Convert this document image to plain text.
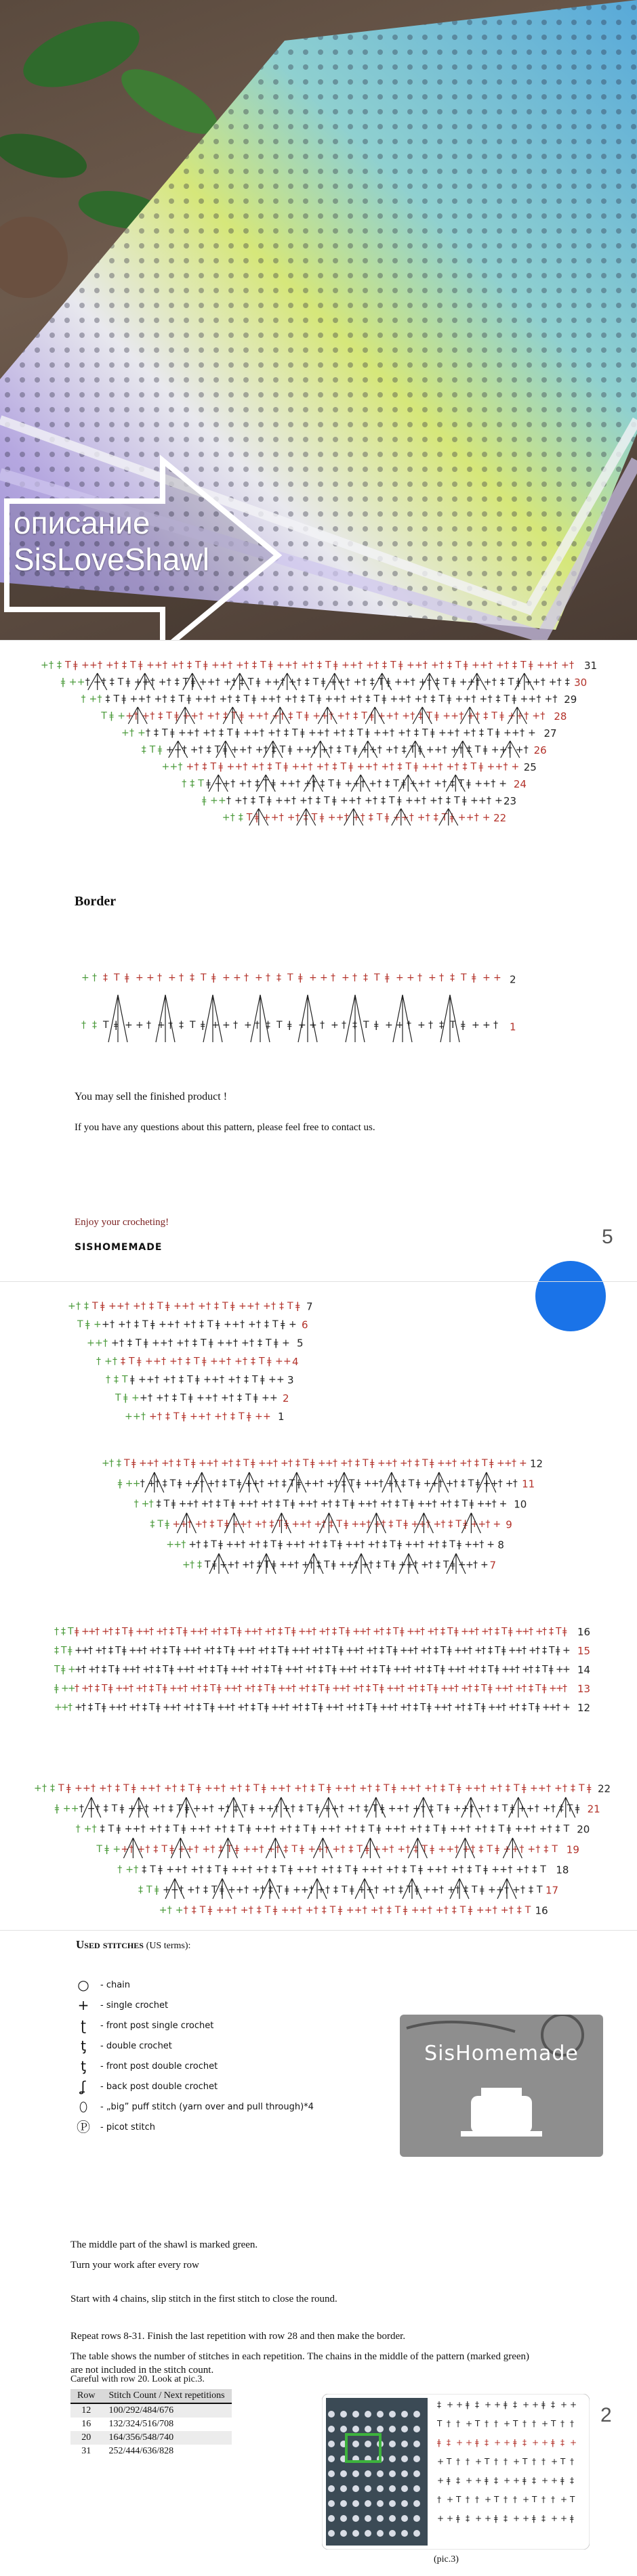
описание
SisLoveShawl
+ † ‡ T ǂ + + † + † ‡ T ǂ + + † + † ‡ T ǂ + + † + † ‡ T ǂ + + † + † ‡ T ǂ + + † + † ‡ T ǂ + + † + † ‡ T ǂ + + † + † ‡ T ǂ + + † + † 31
ǂ + + † + † ‡ T ǂ + + † + † ‡ T ǂ + + † + † ‡ T ǂ + + † + † ‡ T ǂ + + † + † ‡ T ǂ + + † + † ‡ T ǂ + + † + † ‡ T ǂ + + † + † ‡ 30
† + † ‡ T ǂ + + † + † ‡ T ǂ + + † + † ‡ T ǂ + + † + † ‡ T ǂ + + † + † ‡ T ǂ + + † + † ‡ T ǂ + + † + † ‡ T ǂ + + † + † 29
T ǂ + + † + † ‡ T ǂ + + † + † ‡ T ǂ + + † + † ‡ T ǂ + + † + † ‡ T ǂ + + † + † ‡ T ǂ + + † + † ‡ T ǂ + + † + † 28
+ † + † ‡ T ǂ + + † + † ‡ T ǂ + + † + † ‡ T ǂ + + † + † ‡ T ǂ + + † + † ‡ T ǂ + + † + † ‡ T ǂ + + † + 27
‡ T ǂ + + † + † ‡ T ǂ + + † + † ‡ T ǂ + + † + † ‡ T ǂ + + † + † ‡ T ǂ + + † + † ‡ T ǂ + + † + † 26
+ + † + † ‡ T ǂ + + † + † ‡ T ǂ + + † + † ‡ T ǂ + + † + † ‡ T ǂ + + † + † ‡ T ǂ + + † + 25
† ‡ T ǂ + + † + † ‡ T ǂ + + † + † ‡ T ǂ + + † + † ‡ T ǂ + + † + † ‡ T ǂ + + † + 24
ǂ + + † + † ‡ T ǂ + + † + † ‡ T ǂ + + † + † ‡ T ǂ + + † + † ‡ T ǂ + + † + 23
+ † ‡ T ǂ + + † + † ‡ T ǂ + + † + † ‡ T ǂ + + † + † ‡ T ǂ + + † + 22
Border
+ † ‡ T ǂ + + † + † ‡ T ǂ + + † + † ‡ T ǂ + + † + † ‡ T ǂ + + † + † ‡ T ǂ + + 2
† ‡ T ǂ + + † + † ‡ T ǂ + + † + † ‡ T ǂ + + † + † ‡ T ǂ + + † + † ‡ T ǂ + + † 1
You may sell the finished product !
If you have any questions about this pattern, please feel free to contact us.
Enjoy your crocheting!
SISHOMEMADE	5
+ † ‡ T ǂ + + † + † ‡ T ǂ + + † + † ‡ T ǂ + + † + † ‡ T ǂ 7
T ǂ + + † + † ‡ T ǂ + + † + † ‡ T ǂ + + † + † ‡ T ǂ + 6
+ + † + † ‡ T ǂ + + † + † ‡ T ǂ + + † + † ‡ T ǂ + 5
† + † ‡ T ǂ + + † + † ‡ T ǂ + + † + † ‡ T ǂ + + 4
† ‡ T ǂ + + † + † ‡ T ǂ + + † + † ‡ T ǂ + + 3
T ǂ + + † + † ‡ T ǂ + + † + † ‡ T ǂ + + 2
+ + † + † ‡ T ǂ + + † + † ‡ T ǂ + + 1
+ † ‡ T ǂ + + † + † ‡ T ǂ + + † + † ‡ T ǂ + + † + † ‡ T ǂ + + † + † ‡ T ǂ + + † + † ‡ T ǂ + + † + † ‡ T ǂ + + † + 12
ǂ + + † + † ‡ T ǂ + + † + † ‡ T ǂ + + † + † ‡ T ǂ + + † + † ‡ T ǂ + + † + † ‡ T ǂ + + † + † ‡ T ǂ + + † + † 11
† + † ‡ T ǂ + + † + † ‡ T ǂ + + † + † ‡ T ǂ + + † + † ‡ T ǂ + + † + † ‡ T ǂ + + † + † ‡ T ǂ + + † + 10
‡ T ǂ + + † + † ‡ T ǂ + + † + † ‡ T ǂ + + † + † ‡ T ǂ + + † + † ‡ T ǂ + + † + † ‡ T ǂ + + † + 9
+ + † + † ‡ T ǂ + + † + † ‡ T ǂ + + † + † ‡ T ǂ + + † + † ‡ T ǂ + + † + † ‡ T ǂ + + † + 8
+ † ‡ T ǂ + + † + † ‡ T ǂ + + † + † ‡ T ǂ + + † + † ‡ T ǂ + + † + † ‡ T ǂ + + † + 7
† ‡ T ǂ +
+
† +
† ‡ T ǂ +
+
† +
† ‡ T ǂ +
+
† +
† ‡ T ǂ +
+
† +
† ‡ T ǂ +
+
† +
† ‡ T ǂ +
+
† +
† ‡ T ǂ +
+
† +
† ‡ T ǂ +
+
† +
† ‡ T ǂ +
+
† +
† ‡ T ǂ 16
‡ T ǂ +
+
† +
† ‡ T ǂ +
+
† +
† ‡ T ǂ +
+
† +
† ‡ T ǂ +
+
† +
† ‡ T ǂ +
+
† +
† ‡ T ǂ +
+
† +
† ‡ T ǂ +
+
† +
† ‡ T ǂ +
+
† +
† ‡ T ǂ +
+
† +
† ‡ T ǂ + 15
T ǂ +
+
† +
† ‡ T ǂ +
+
† +
† ‡ T ǂ +
+
† +
† ‡ T ǂ +
+
† +
† ‡ T ǂ +
+
† +
† ‡ T ǂ +
+
† +
† ‡ T ǂ +
+
† +
† ‡ T ǂ +
+
† +
† ‡ T ǂ +
+
† +
† ‡ T ǂ +
+ 14
ǂ +
+
† +
† ‡ T ǂ +
+
† +
† ‡ T ǂ +
+
† +
† ‡ T ǂ +
+
† +
† ‡ T ǂ +
+
† +
† ‡ T ǂ +
+
† +
† ‡ T ǂ +
+
† +
† ‡ T ǂ +
+
† +
† ‡ T ǂ +
+
† +
† ‡ T ǂ +
+
† 13
+
+
† +
† ‡ T ǂ +
+
† +
† ‡ T ǂ +
+
† +
† ‡ T ǂ +
+
† +
† ‡ T ǂ +
+
† +
† ‡ T ǂ +
+
† +
† ‡ T ǂ +
+
† +
† ‡ T ǂ +
+
† +
† ‡ T ǂ +
+
† +
† ‡ T ǂ +
+
† + 12
+ † ‡ T ǂ + + † + † ‡ T ǂ + + † + † ‡ T ǂ + + † + † ‡ T ǂ + + † + † ‡ T ǂ + + † + † ‡ T ǂ + + † + † ‡ T ǂ + + † + † ‡ T ǂ + + † + † ‡ T ǂ 22
ǂ + + † + † ‡ T ǂ + + † + † ‡ T ǂ + + † + † ‡ T ǂ + + † + † ‡ T ǂ + + † + † ‡ T ǂ + + † + † ‡ T ǂ + + † + † ‡ T ǂ + + † + † ‡ T ǂ 21
† + † ‡ T ǂ + + † + † ‡ T ǂ + + † + † ‡ T ǂ + + † + † ‡ T ǂ + + † + † ‡ T ǂ + + † + † ‡ T ǂ + + † + † ‡ T ǂ + + † + † ‡ T 20
T ǂ + + † + † ‡ T ǂ + + † + † ‡ T ǂ + + † + † ‡ T ǂ + + † + † ‡ T ǂ + + † + † ‡ T ǂ + + † + † ‡ T ǂ + + † + † ‡ T 19
† + † ‡ T ǂ + + † + † ‡ T ǂ + + † + † ‡ T ǂ + + † + † ‡ T ǂ + + † + † ‡ T ǂ + + † + † ‡ T ǂ + + † + † ‡ T 18
‡ T ǂ + + † + † ‡ T ǂ + + † + † ‡ T ǂ + + † + † ‡ T ǂ + + † + † ‡ T ǂ + + † + † ‡ T ǂ + + † + † ‡ T 17
+ † + † ‡ T ǂ + + † + † ‡ T ǂ + + † + † ‡ T ǂ + + † + † ‡ T ǂ + + † + † ‡ T ǂ + + † + † ‡ T 16
Used stitches (US terms):
○ - chain
+ - single crochet
ʈ	- front post single crochet
ƫ	- double crochet
ƫ	- front post double crochet
ʆ	- back post double crochet
⬯	- „big” puff stitch (yarn over and pull through)*4
Ⓟ - picot stitch
SisHomemade
The middle part of the shawl is marked green.
Turn your work after every row
Start with 4 chains, slip stitch in the first stitch to close the round.
Repeat rows 8-31. Finish the last repetition with row 28 and then make the border.
The table shows the number of stitches in each repetition. The chains in the middle of the pattern (marked green) are not included in the stitch count.
Careful with row 20. Look at pic.3.
Row	Stitch Count / Next repetitions
12	100/292/484/676
16	132/324/516/708
20	164/356/548/740
31	252/444/636/828
2
‡ + + ǂ ‡ + + ǂ ‡ + + ǂ ‡ + +
T † † + T † † + T † † + T † †
ǂ ‡ + + ǂ ‡ + + ǂ ‡ + + ǂ ‡ +
+ T † † + T † † + T † † + T †
+ ǂ ‡ + + ǂ ‡ + + ǂ ‡ + + ǂ ‡
† + T † † + T † † + T † † + T
+ + ǂ ‡ + + ǂ ‡ + + ǂ ‡ + + ǂ
(pic.3)
